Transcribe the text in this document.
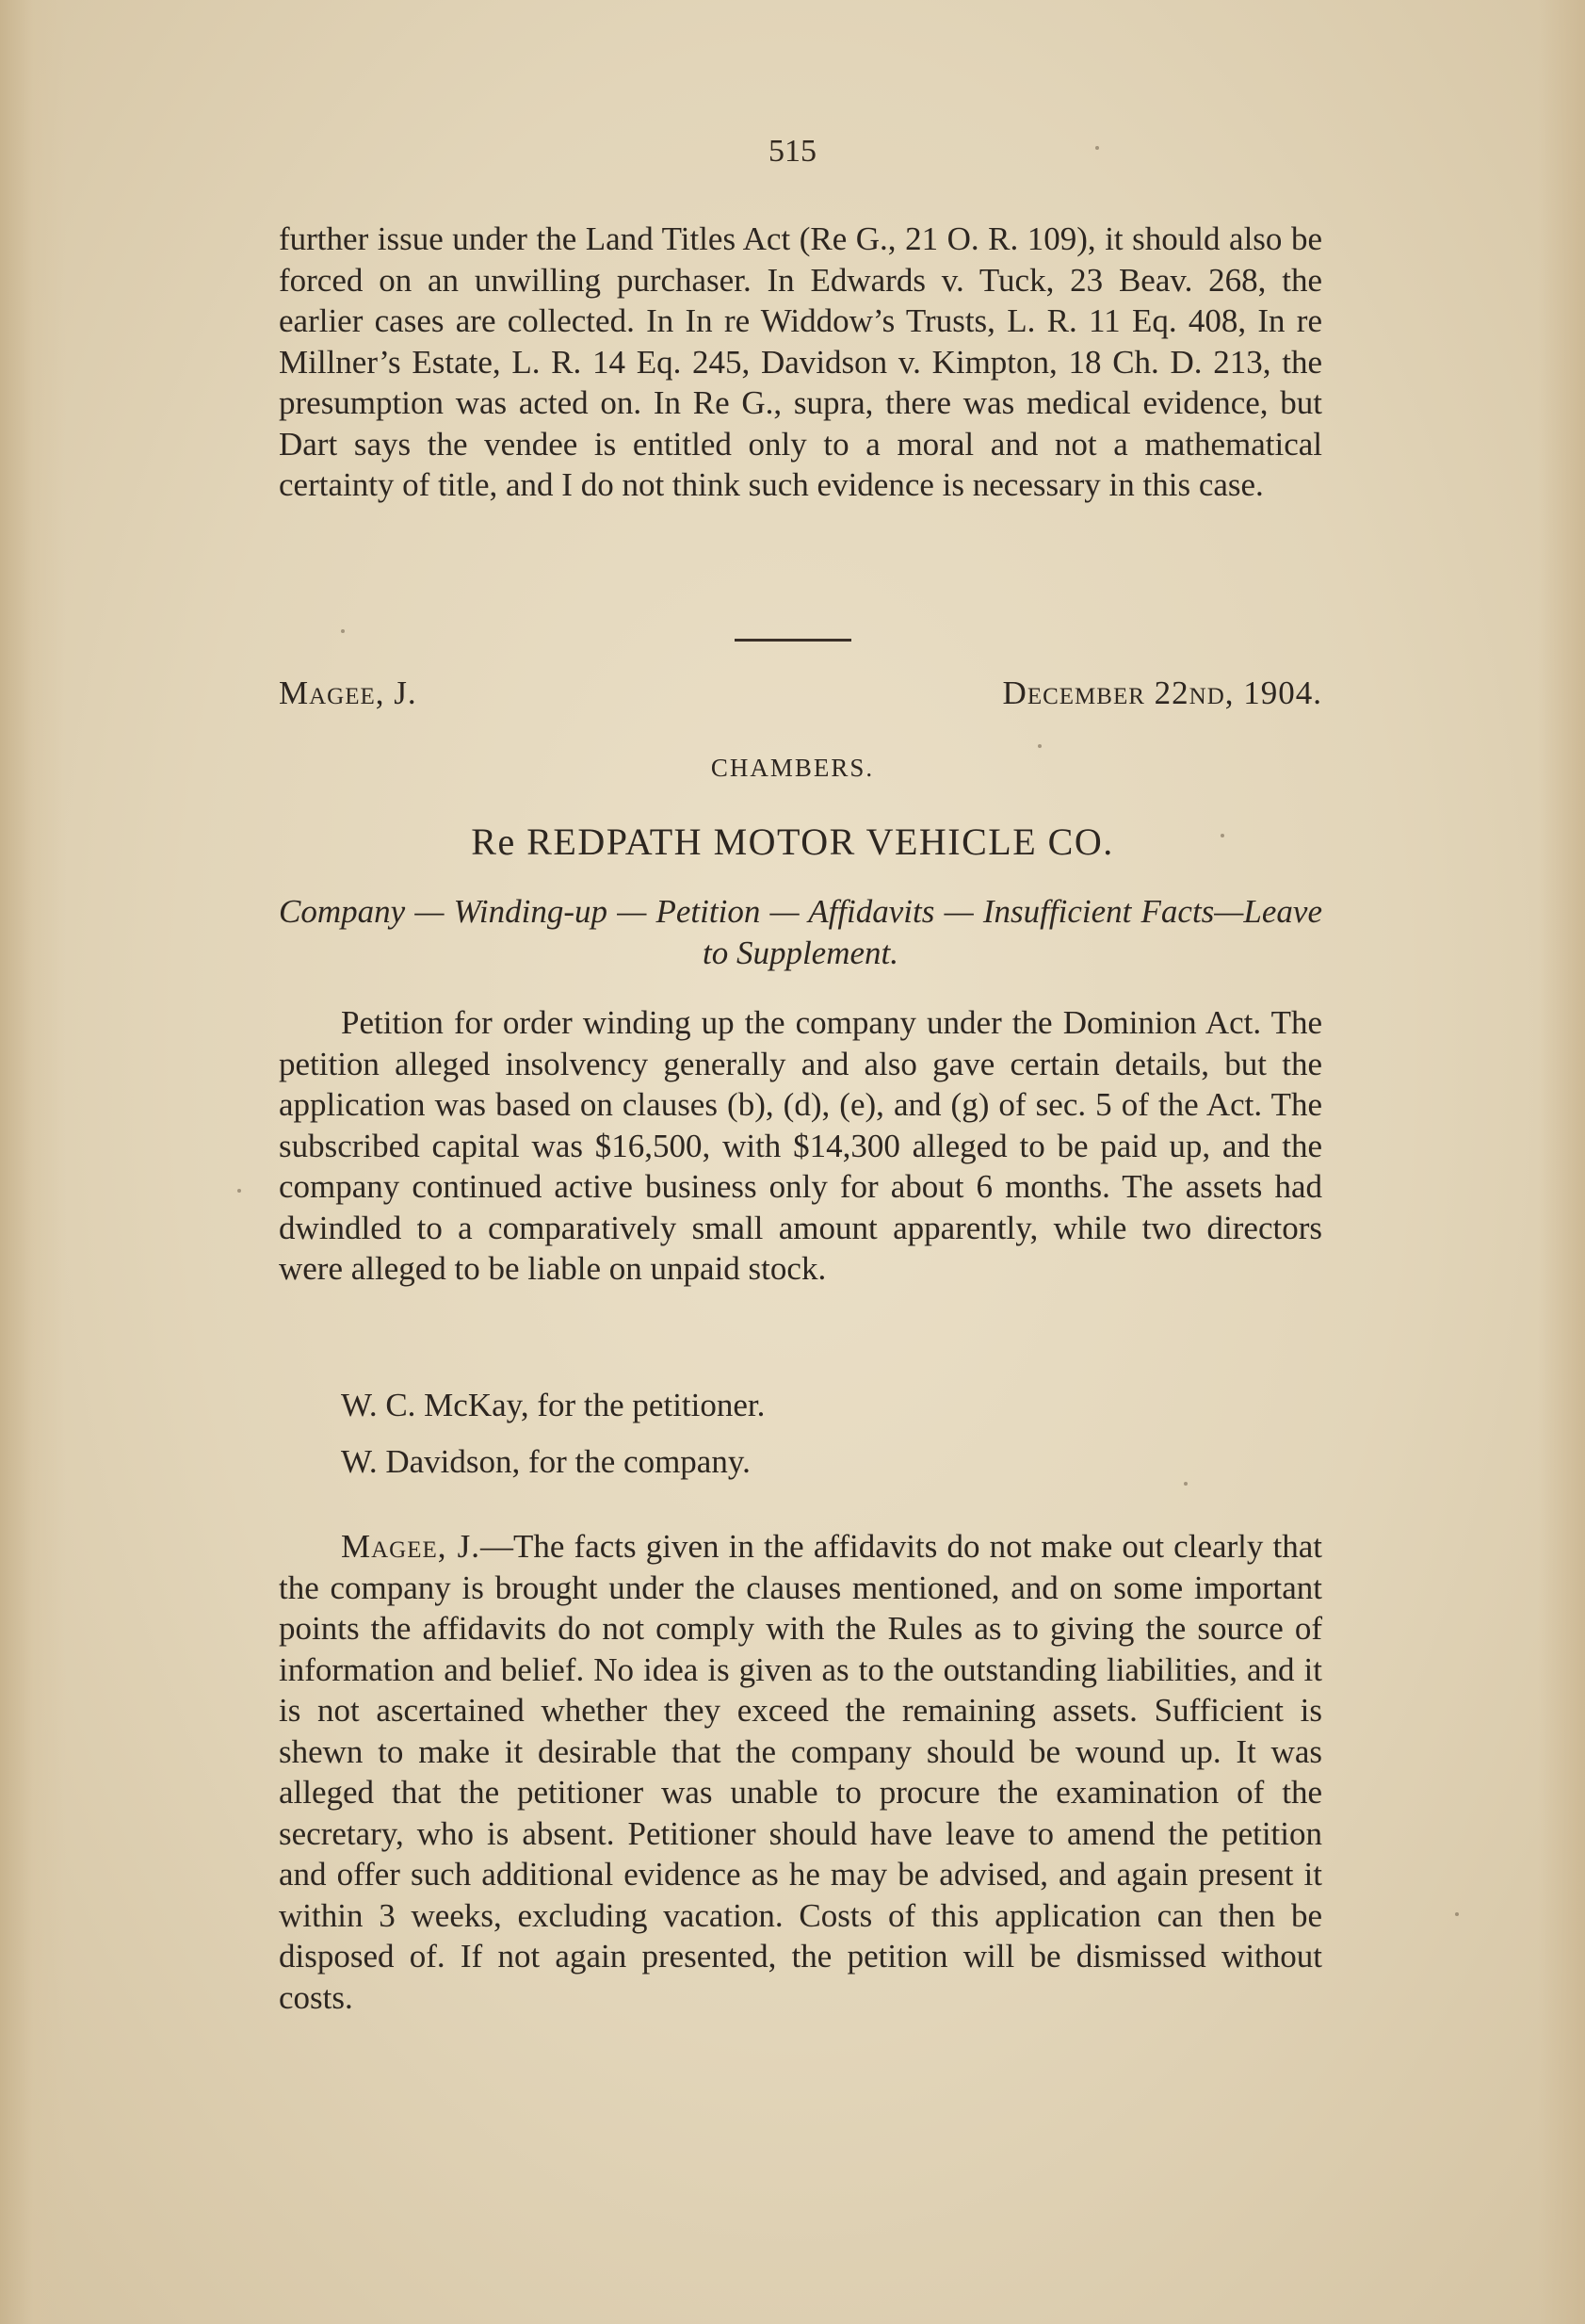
515
further issue under the Land Titles Act (Re G., 21 O. R. 109), it should also be forced on an unwilling purchaser. In Edwards v. Tuck, 23 Beav. 268, the earlier cases are collected. In In re Widdow’s Trusts, L. R. 11 Eq. 408, In re Millner’s Estate, L. R. 14 Eq. 245, Davidson v. Kimpton, 18 Ch. D. 213, the presumption was acted on. In Re G., supra, there was medical evidence, but Dart says the vendee is entitled only to a moral and not a mathematical certainty of title, and I do not think such evidence is necessary in this case.
Magee, J.	December 22nd, 1904.
CHAMBERS.
Re REDPATH MOTOR VEHICLE CO.
Company — Winding-up — Petition — Affidavits — Insufficient Facts—Leave to Supplement.
Petition for order winding up the company under the Dominion Act. The petition alleged insolvency generally and also gave certain details, but the application was based on clauses (b), (d), (e), and (g) of sec. 5 of the Act. The subscribed capital was $16,500, with $14,300 alleged to be paid up, and the company continued active business only for about 6 months. The assets had dwindled to a comparatively small amount apparently, while two directors were alleged to be liable on unpaid stock.
W. C. McKay, for the petitioner.
W. Davidson, for the company.
Magee, J.—The facts given in the affidavits do not make out clearly that the company is brought under the clauses mentioned, and on some important points the affidavits do not comply with the Rules as to giving the source of information and belief. No idea is given as to the outstanding liabilities, and it is not ascertained whether they exceed the remaining assets. Sufficient is shewn to make it desirable that the company should be wound up. It was alleged that the petitioner was unable to procure the examination of the secretary, who is absent. Petitioner should have leave to amend the petition and offer such additional evidence as he may be advised, and again present it within 3 weeks, excluding vacation. Costs of this application can then be disposed of. If not again presented, the petition will be dismissed without costs.
